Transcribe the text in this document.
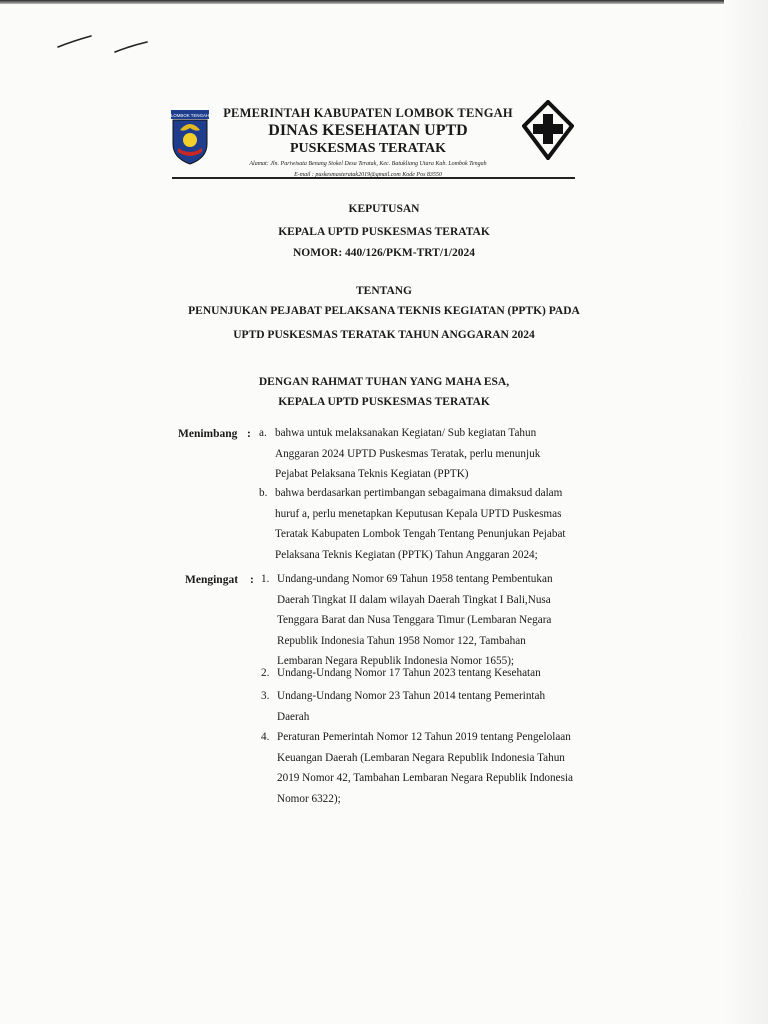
LOMBOK TENGAH	PEMERINTAH KABUPATEN LOMBOK TENGAH
DINAS KESEHATAN UPTD
PUSKESMAS TERATAK
Alamat: Jln. Pariwisata Benang Stokel Desa Teratak, Kec. Batukliang Utara Kab. Lombok Tengah
E-mail : puskesmasteratak2019@gmail.com Kode Pos 83550
KEPUTUSAN
KEPALA UPTD PUSKESMAS TERATAK
NOMOR: 440/126/PKM-TRT/1/2024
TENTANG
PENUNJUKAN PEJABAT PELAKSANA TEKNIS KEGIATAN (PPTK) PADA
UPTD PUSKESMAS TERATAK TAHUN ANGGARAN 2024
DENGAN RAHMAT TUHAN YANG MAHA ESA,
KEPALA UPTD PUSKESMAS TERATAK
Menimbang : a. bahwa untuk melaksanakan Kegiatan/ Sub kegiatan Tahun
Anggaran 2024 UPTD Puskesmas Teratak, perlu menunjuk
Pejabat Pelaksana Teknis Kegiatan (PPTK)
b. bahwa berdasarkan pertimbangan sebagaimana dimaksud dalam
huruf a, perlu menetapkan Keputusan Kepala UPTD Puskesmas
Teratak Kabupaten Lombok Tengah Tentang Penunjukan Pejabat
Pelaksana Teknis Kegiatan (PPTK) Tahun Anggaran 2024;
Mengingat : 1. Undang-undang Nomor 69 Tahun 1958 tentang Pembentukan
Daerah Tingkat II dalam wilayah Daerah Tingkat I Bali,Nusa
Tenggara Barat dan Nusa Tenggara Timur (Lembaran Negara
Republik Indonesia Tahun 1958 Nomor 122, Tambahan
Lembaran Negara Republik Indonesia Nomor 1655);
2. Undang-Undang Nomor 17 Tahun 2023 tentang Kesehatan
3. Undang-Undang Nomor 23 Tahun 2014 tentang Pemerintah
Daerah
4. Peraturan Pemerintah Nomor 12 Tahun 2019 tentang Pengelolaan
Keuangan Daerah (Lembaran Negara Republik Indonesia Tahun
2019 Nomor 42, Tambahan Lembaran Negara Republik Indonesia
Nomor 6322);
